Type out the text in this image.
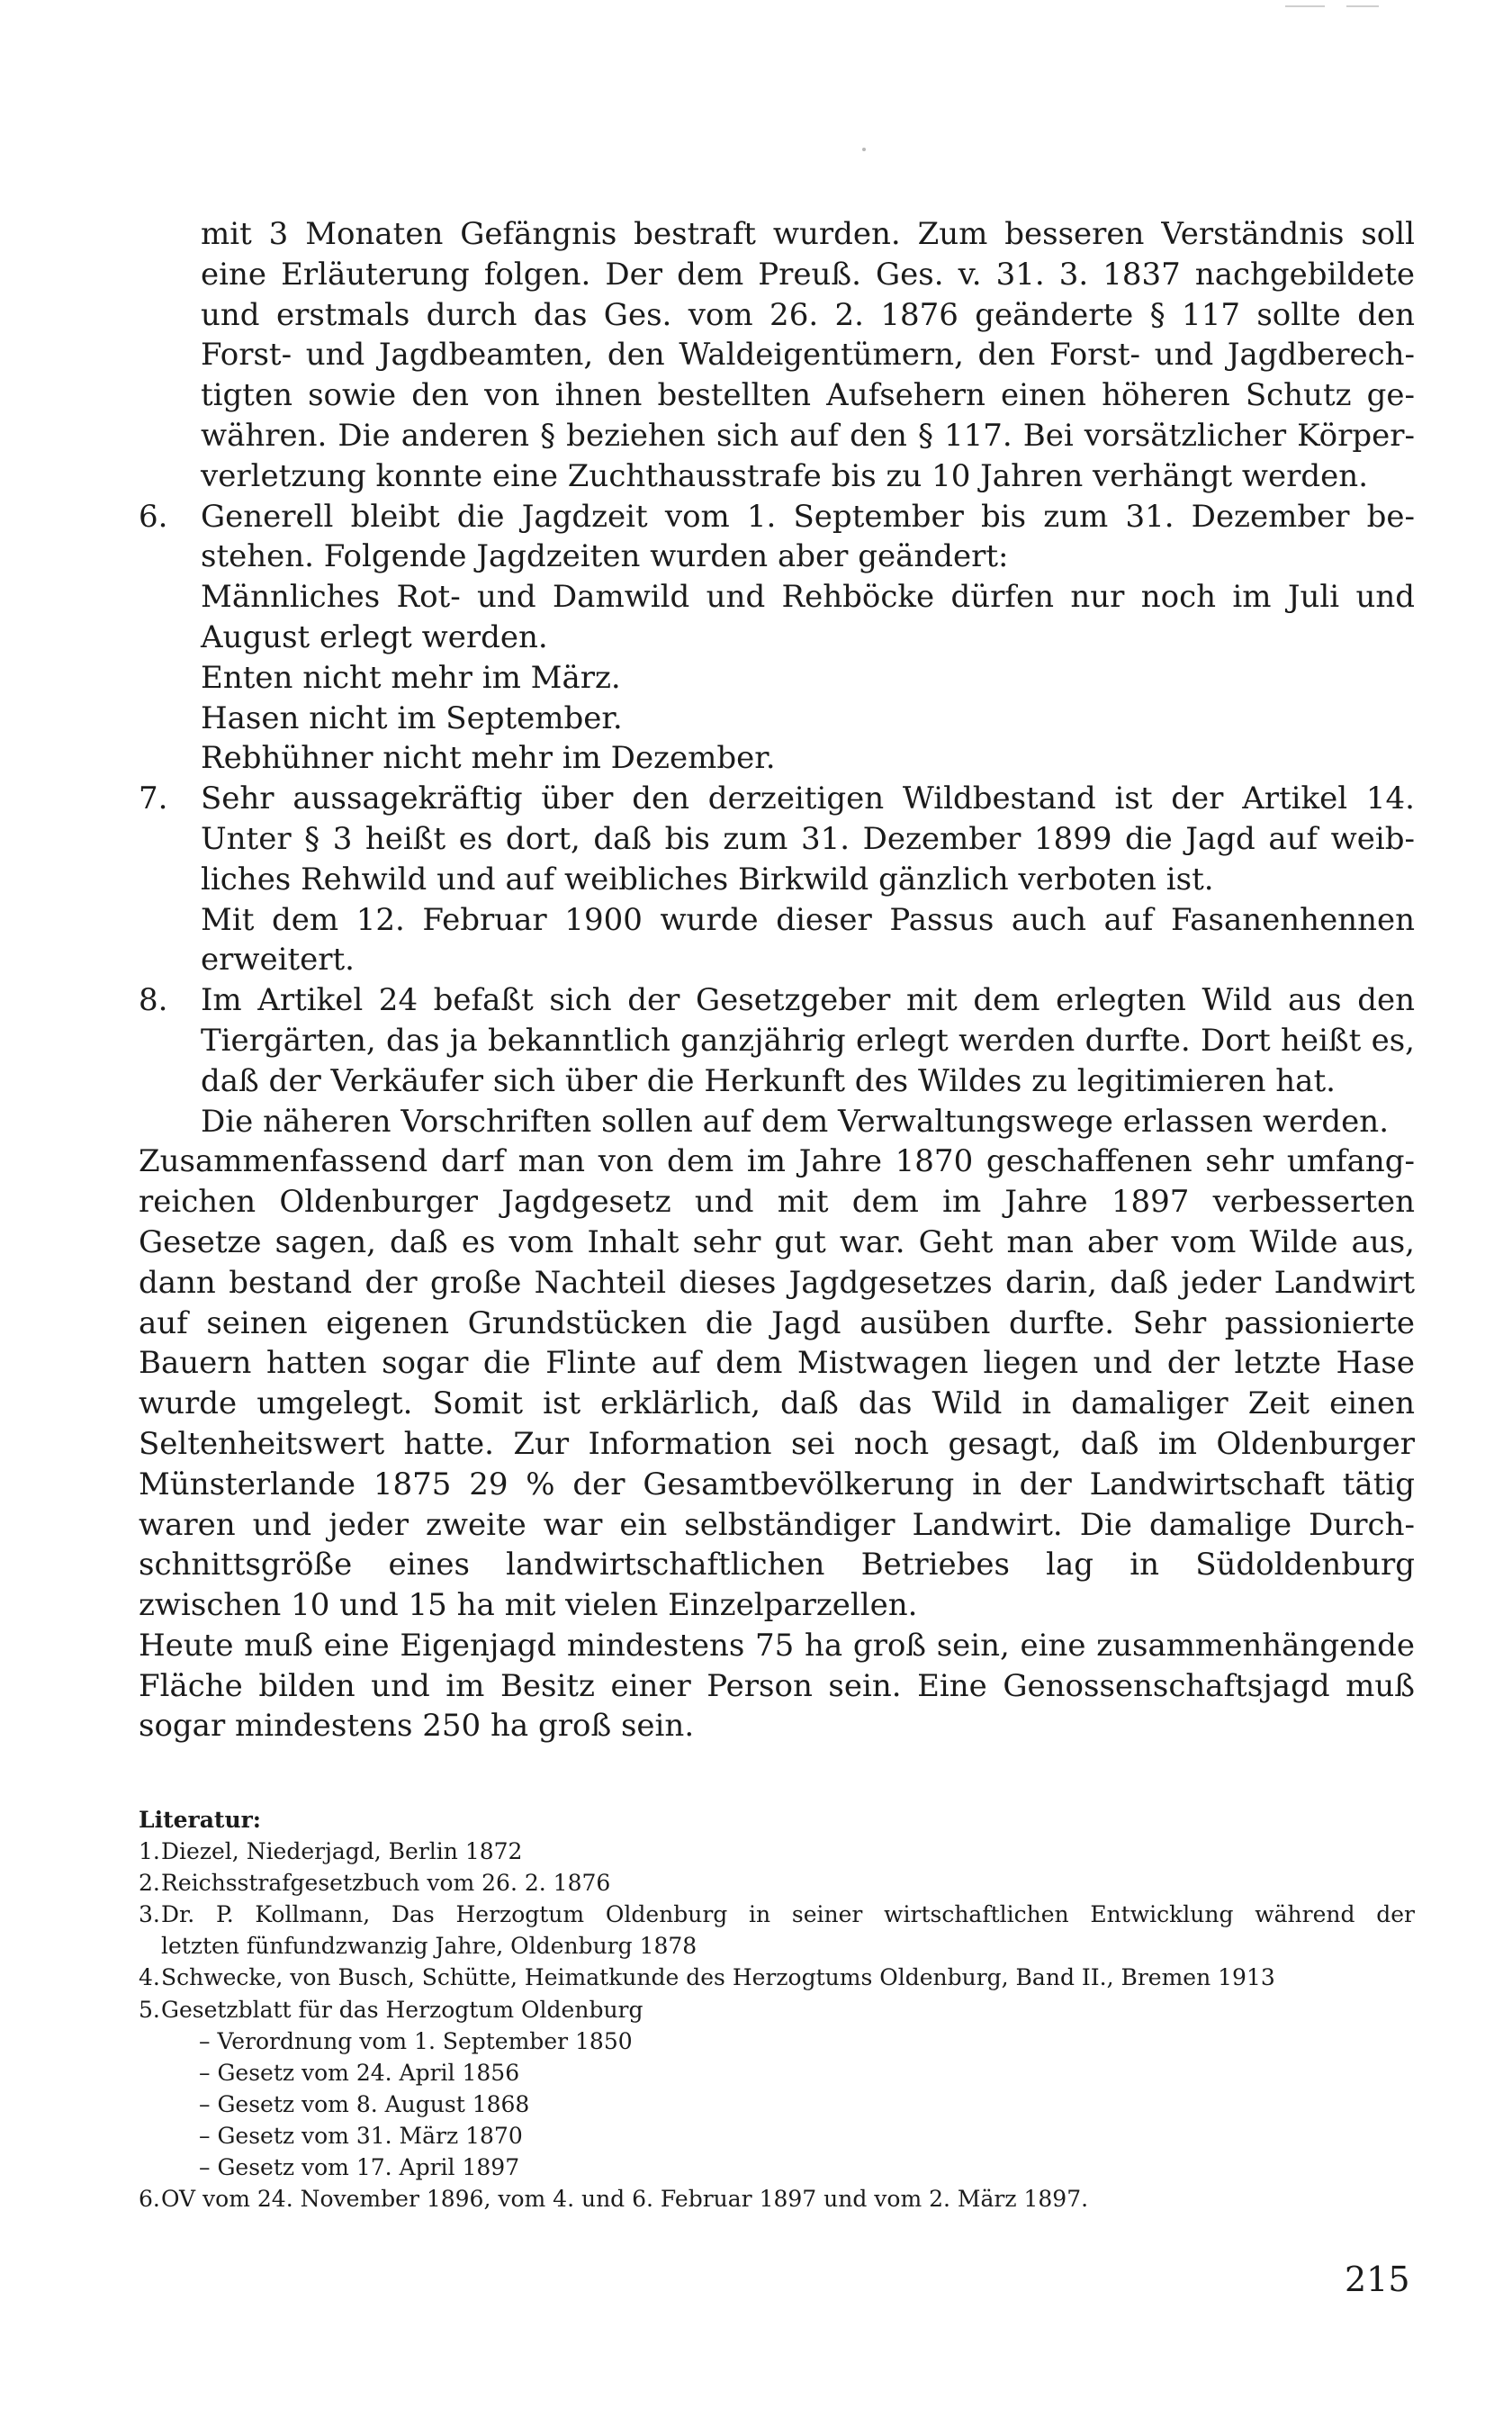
mit 3 Monaten Gefängnis bestraft wurden. Zum besseren Verständnis soll
eine Erläuterung folgen. Der dem Preuß. Ges. v. 31. 3. 1837 nachgebildete
und erstmals durch das Ges. vom 26. 2. 1876 geänderte § 117 sollte den
Forst- und Jagdbeamten, den Waldeigentümern, den Forst- und Jagdberech-
tigten sowie den von ihnen bestellten Aufsehern einen höheren Schutz ge-
währen. Die anderen § beziehen sich auf den § 117. Bei vorsätzlicher Körper-
verletzung konnte eine Zuchthausstrafe bis zu 10 Jahren verhängt werden.
6. Generell bleibt die Jagdzeit vom 1. September bis zum 31. Dezember be-
stehen. Folgende Jagdzeiten wurden aber geändert:
Männliches Rot- und Damwild und Rehböcke dürfen nur noch im Juli und
August erlegt werden.
Enten nicht mehr im März.
Hasen nicht im September.
Rebhühner nicht mehr im Dezember.
7. Sehr aussagekräftig über den derzeitigen Wildbestand ist der Artikel 14.
Unter § 3 heißt es dort, daß bis zum 31. Dezember 1899 die Jagd auf weib-
liches Rehwild und auf weibliches Birkwild gänzlich verboten ist.
Mit dem 12. Februar 1900 wurde dieser Passus auch auf Fasanenhennen
erweitert.
8. Im Artikel 24 befaßt sich der Gesetzgeber mit dem erlegten Wild aus den
Tiergärten, das ja bekanntlich ganzjährig erlegt werden durfte. Dort heißt es,
daß der Verkäufer sich über die Herkunft des Wildes zu legitimieren hat.
Die näheren Vorschriften sollen auf dem Verwaltungswege erlassen werden.
Zusammenfassend darf man von dem im Jahre 1870 geschaffenen sehr umfang-
reichen Oldenburger Jagdgesetz und mit dem im Jahre 1897 verbesserten
Gesetze sagen, daß es vom Inhalt sehr gut war. Geht man aber vom Wilde aus,
dann bestand der große Nachteil dieses Jagdgesetzes darin, daß jeder Landwirt
auf seinen eigenen Grundstücken die Jagd ausüben durfte. Sehr passionierte
Bauern hatten sogar die Flinte auf dem Mistwagen liegen und der letzte Hase
wurde umgelegt. Somit ist erklärlich, daß das Wild in damaliger Zeit einen
Seltenheitswert hatte. Zur Information sei noch gesagt, daß im Oldenburger
Münsterlande 1875 29 % der Gesamtbevölkerung in der Landwirtschaft tätig
waren und jeder zweite war ein selbständiger Landwirt. Die damalige Durch-
schnittsgröße eines landwirtschaftlichen Betriebes lag in Südoldenburg
zwischen 10 und 15 ha mit vielen Einzelparzellen.
Heute muß eine Eigenjagd mindestens 75 ha groß sein, eine zusammenhängende
Fläche bilden und im Besitz einer Person sein. Eine Genossenschaftsjagd muß
sogar mindestens 250 ha groß sein.
Literatur:
1. Diezel, Niederjagd, Berlin 1872
2. Reichsstrafgesetzbuch vom 26. 2. 1876
3. Dr. P. Kollmann, Das Herzogtum Oldenburg in seiner wirtschaftlichen Entwicklung während der
letzten fünfundzwanzig Jahre, Oldenburg 1878
4. Schwecke, von Busch, Schütte, Heimatkunde des Herzogtums Oldenburg, Band II., Bremen 1913
5. Gesetzblatt für das Herzogtum Oldenburg
– Verordnung vom 1. September 1850
– Gesetz vom 24. April 1856
– Gesetz vom 8. August 1868
– Gesetz vom 31. März 1870
– Gesetz vom 17. April 1897
6. OV vom 24. November 1896, vom 4. und 6. Februar 1897 und vom 2. März 1897.
215
